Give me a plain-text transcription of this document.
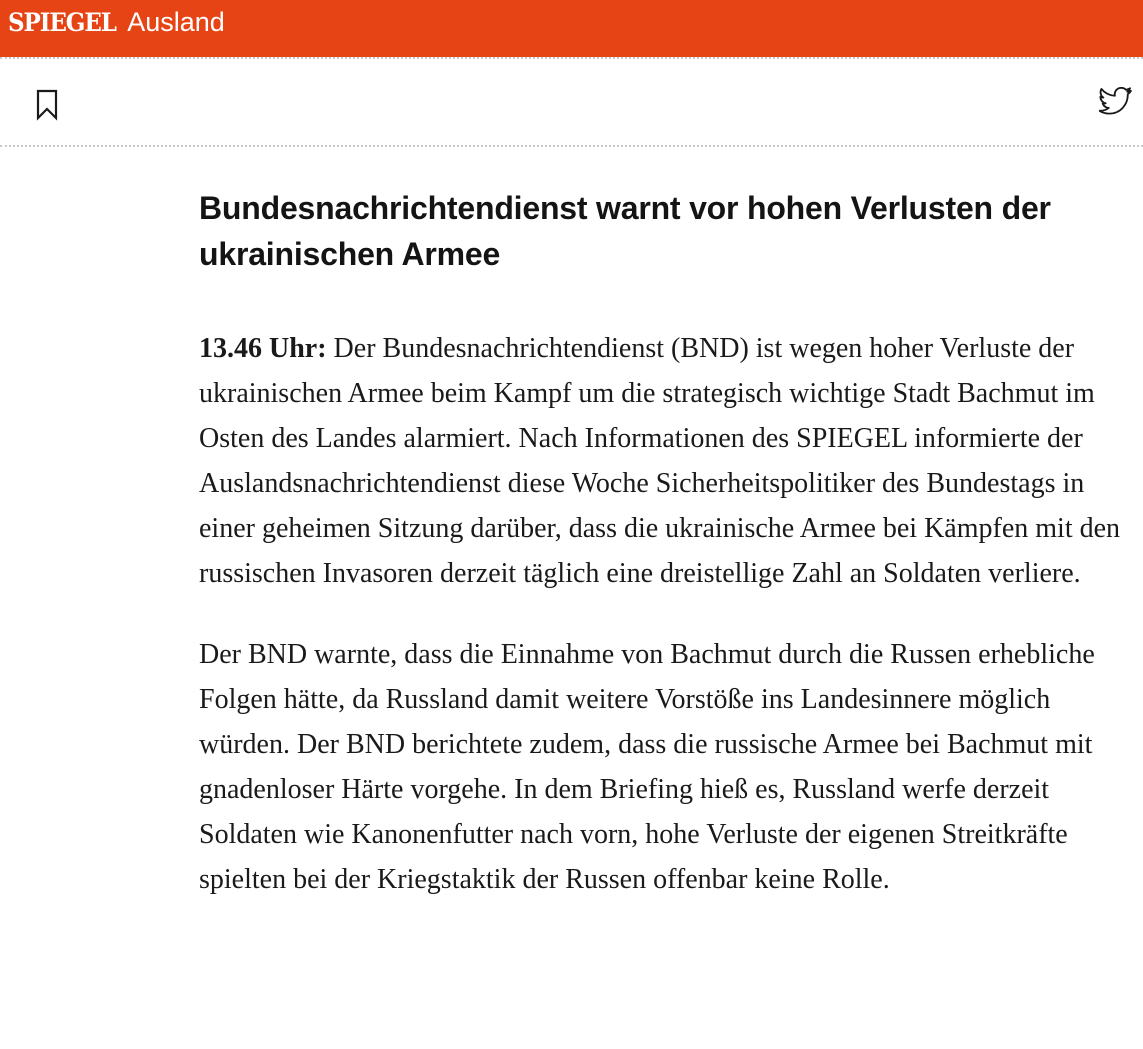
SPIEGEL Ausland
Bundesnachrichtendienst warnt vor hohen Verlusten der ukrainischen Armee

13.46 Uhr: Der Bundesnachrichtendienst (BND) ist wegen hoher Verluste der ukrainischen Armee beim Kampf um die strategisch wichtige Stadt Bachmut im Osten des Landes alarmiert. Nach Informationen des SPIEGEL informierte der Auslandsnachrichtendienst diese Woche Sicherheitspolitiker des Bundestags in einer geheimen Sitzung darüber, dass die ukrainische Armee bei Kämpfen mit den russischen Invasoren derzeit täglich eine dreistellige Zahl an Soldaten verliere.

Der BND warnte, dass die Einnahme von Bachmut durch die Russen erhebliche Folgen hätte, da Russland damit weitere Vorstöße ins Landesinnere möglich würden. Der BND berichtete zudem, dass die russische Armee bei Bachmut mit gnadenloser Härte vorgehe. In dem Briefing hieß es, Russland werfe derzeit Soldaten wie Kanonenfutter nach vorn, hohe Verluste der eigenen Streitkräfte spielten bei der Kriegstaktik der Russen offenbar keine Rolle.
